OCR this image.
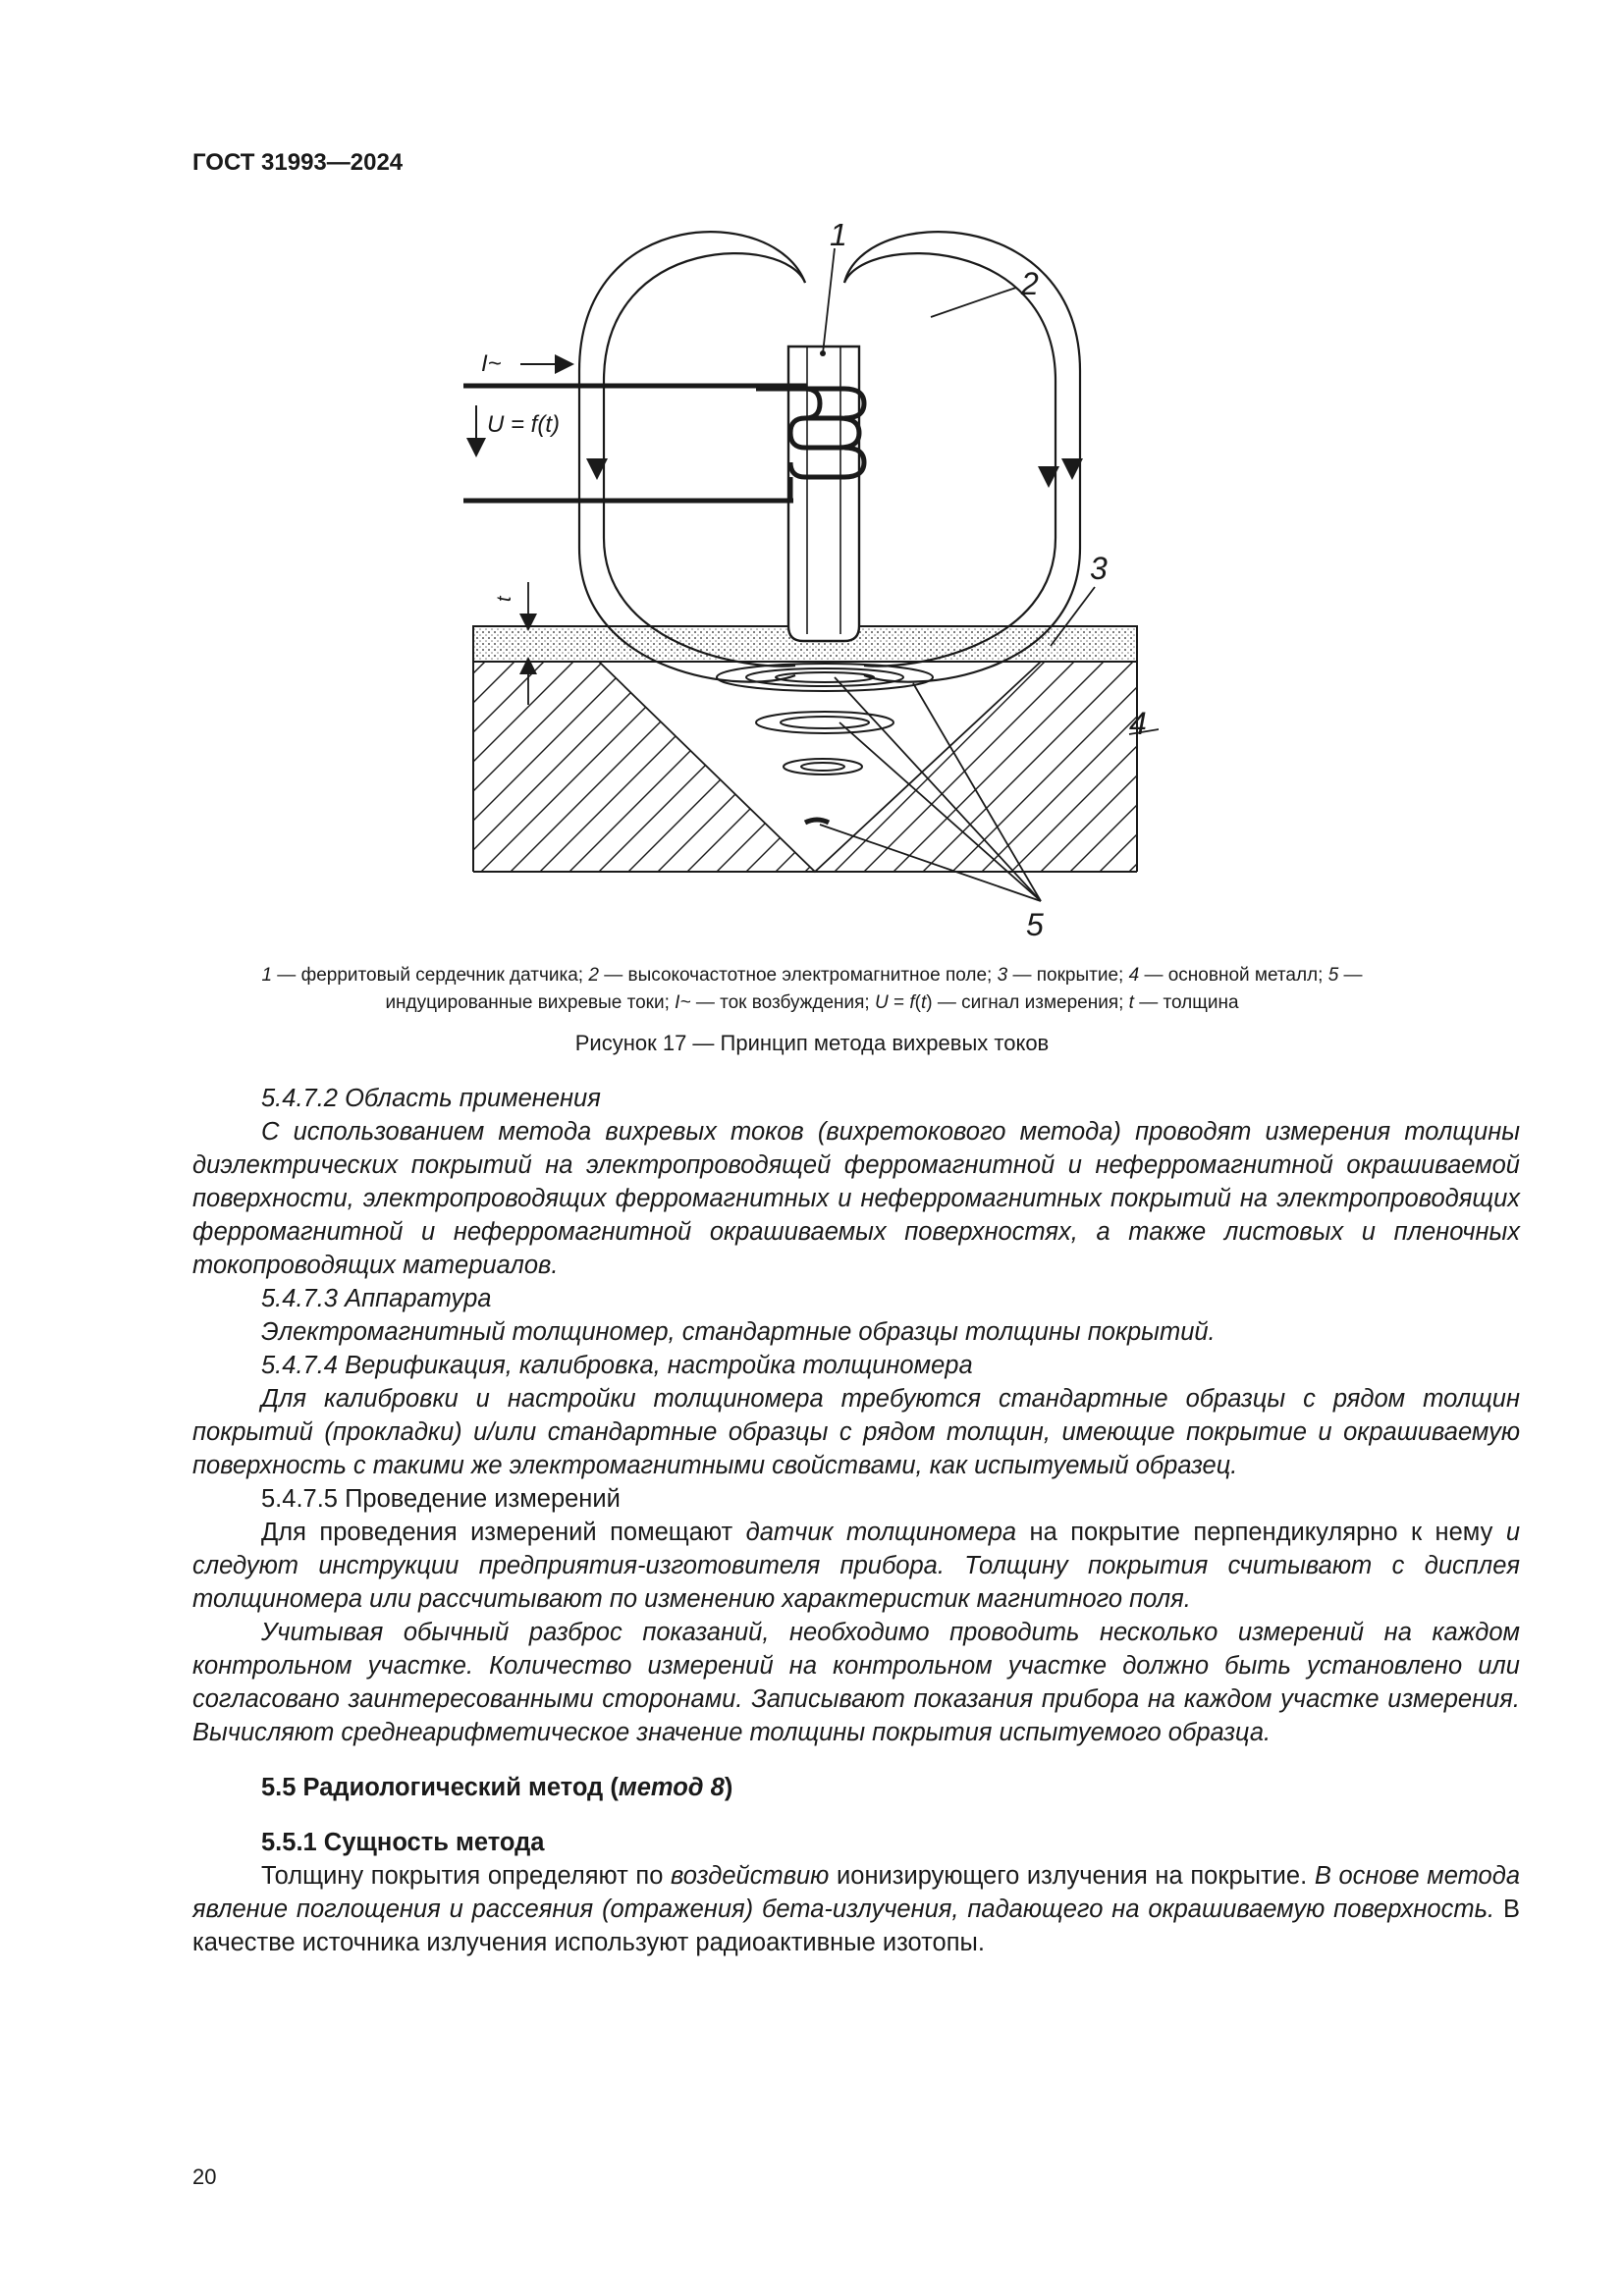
ГОСТ 31993—2024
I~
U = f(t)
t
1
2
3
4
5
1 — ферритовый сердечник датчика; 2 — высокочастотное электромагнитное поле; 3 — покрытие; 4 — основной металл; 5 — индуцированные вихревые токи; I~ — ток возбуждения; U = f(t) — сигнал измерения; t — толщина
Рисунок 17 — Принцип метода вихревых токов

5.4.7.2 Область применения

С использованием метода вихревых токов (вихретокового метода) проводят измерения толщины диэлектрических покрытий на электропроводящей ферромагнитной и неферромагнитной окрашиваемой поверхности, электропроводящих ферромагнитных и неферромагнитных покрытий на электропроводящих ферромагнитной и неферромагнитной окрашиваемых поверхностях, а также листовых и пленочных токопроводящих материалов.

5.4.7.3 Аппаратура

Электромагнитный толщиномер, стандартные образцы толщины покрытий.

5.4.7.4 Верификация, калибровка, настройка толщиномера

Для калибровки и настройки толщиномера требуются стандартные образцы с рядом толщин покрытий (прокладки) и/или стандартные образцы с рядом толщин, имеющие покрытие и окрашиваемую поверхность с такими же электромагнитными свойствами, как испытуемый образец.

5.4.7.5 Проведение измерений

Для проведения измерений помещают датчик толщиномера на покрытие перпендикулярно к нему и следуют инструкции предприятия-изготовителя прибора. Толщину покрытия считывают с дисплея толщиномера или рассчитывают по изменению характеристик магнитного поля.

Учитывая обычный разброс показаний, необходимо проводить несколько измерений на каждом контрольном участке. Количество измерений на контрольном участке должно быть установлено или согласовано заинтересованными сторонами. Записывают показания прибора на каждом участке измерения. Вычисляют среднеарифметическое значение толщины покрытия испытуемого образца.

5.5 Радиологический метод (метод 8)

5.5.1 Сущность метода

Толщину покрытия определяют по воздействию ионизирующего излучения на покрытие. В основе метода явление поглощения и рассеяния (отражения) бета-излучения, падающего на окрашиваемую поверхность. В качестве источника излучения используют радиоактивные изотопы.

20
